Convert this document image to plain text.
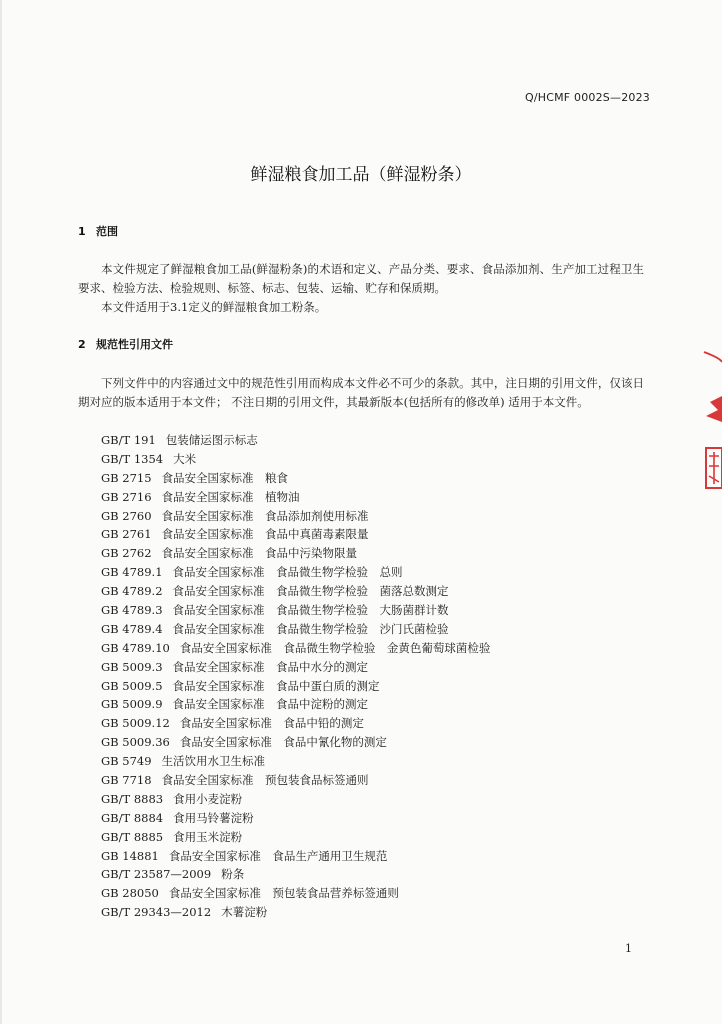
Q/HCMF 0002S—2023
鲜湿粮食加工品（鲜湿粉条）
1 范围

本文件规定了鲜湿粮食加工品(鲜湿粉条)的术语和定义、产品分类、要求、食品添加剂、生产加工过程卫生要求、检验方法、检验规则、标签、标志、包装、运输、贮存和保质期。

本文件适用于3.1定义的鲜湿粮食加工粉条。

2 规范性引用文件

下列文件中的内容通过文中的规范性引用而构成本文件必不可少的条款。其中，注日期的引用文件，仅该日期对应的版本适用于本文件； 不注日期的引用文件，其最新版本(包括所有的修改单) 适用于本文件。

GB/T 191 包装储运图示标志
GB/T 1354 大米
GB 2715 食品安全国家标准　粮食
GB 2716 食品安全国家标准　植物油
GB 2760 食品安全国家标准　食品添加剂使用标准
GB 2761 食品安全国家标准　食品中真菌毒素限量
GB 2762 食品安全国家标准　食品中污染物限量
GB 4789.1 食品安全国家标准　食品微生物学检验　总则
GB 4789.2 食品安全国家标准　食品微生物学检验　菌落总数测定
GB 4789.3 食品安全国家标准　食品微生物学检验　大肠菌群计数
GB 4789.4 食品安全国家标准　食品微生物学检验　沙门氏菌检验
GB 4789.10 食品安全国家标准　食品微生物学检验　金黄色葡萄球菌检验
GB 5009.3 食品安全国家标准　食品中水分的测定
GB 5009.5 食品安全国家标准　食品中蛋白质的测定
GB 5009.9 食品安全国家标准　食品中淀粉的测定
GB 5009.12 食品安全国家标准　食品中铅的测定
GB 5009.36 食品安全国家标准　食品中氰化物的测定
GB 5749 生活饮用水卫生标准
GB 7718 食品安全国家标准　预包装食品标签通则
GB/T 8883 食用小麦淀粉
GB/T 8884 食用马铃薯淀粉
GB/T 8885 食用玉米淀粉
GB 14881 食品安全国家标准　食品生产通用卫生规范
GB/T 23587—2009 粉条
GB 28050 食品安全国家标准　预包装食品营养标签通则
GB/T 29343—2012 木薯淀粉
1
